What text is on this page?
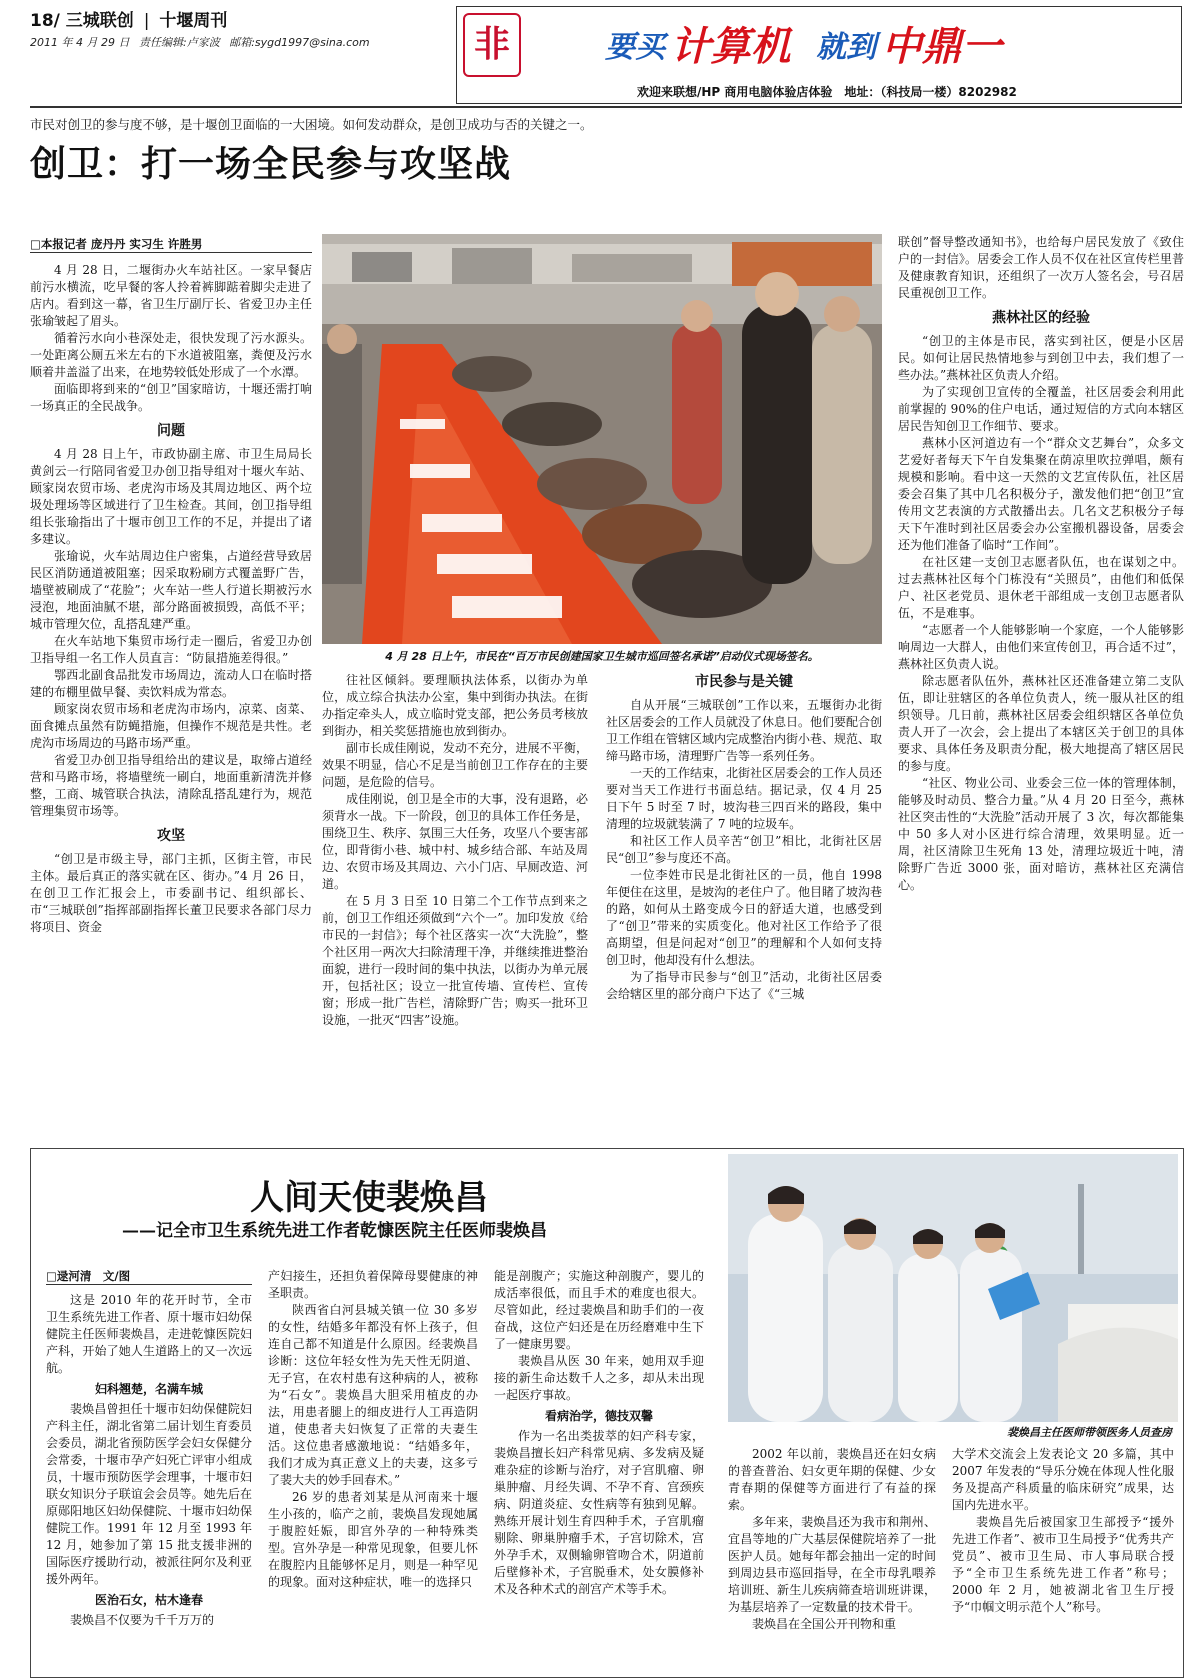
18/ 三城联创 | 十堰周刊
2011 年 4 月 29 日 责任编辑:卢家波 邮箱:sygd1997@sina.com	非	要买 计算机 就到 中鼎一
欢迎来联想/HP 商用电脑体验店体验　地址：（科技局一楼）8202982
市民对创卫的参与度不够，是十堰创卫面临的一大困境。如何发动群众，是创卫成功与否的关键之一。
创卫：打一场全民参与攻坚战
□本报记者 庞丹丹 实习生 许胜男

4 月 28 日，二堰街办火车站社区。一家早餐店前污水横流，吃早餐的客人拎着裤脚踮着脚尖走进了店内。看到这一幕，省卫生厅副厅长、省爱卫办主任张瑜皱起了眉头。

循着污水向小巷深处走，很快发现了污水源头。一处距离公厕五米左右的下水道被阻塞，粪便及污水顺着井盖溢了出来，在地势较低处形成了一个水潭。

面临即将到来的“创卫”国家暗访，十堰还需打响一场真正的全民战争。

问题

4 月 28 日上午，市政协副主席、市卫生局局长黄剑云一行陪同省爱卫办创卫指导组对十堰火车站、顾家岗农贸市场、老虎沟市场及其周边地区、两个垃圾处理场等区域进行了卫生检查。其间，创卫指导组组长张瑜指出了十堰市创卫工作的不足，并提出了诸多建议。

张瑜说，火车站周边住户密集，占道经营导致居民区消防通道被阻塞；因采取粉刷方式覆盖野广告，墙壁被刷成了“花脸”；火车站一些人行道长期被污水浸泡，地面油腻不堪，部分路面被损毁，高低不平；城市管理欠位，乱搭乱建严重。

在火车站地下集贸市场行走一圈后，省爱卫办创卫指导组一名工作人员直言：“防鼠措施差得很。”

鄂西北副食品批发市场周边，流动人口在临时搭建的布棚里做早餐、卖饮料成为常态。

顾家岗农贸市场和老虎沟市场内，凉菜、卤菜、面食摊点虽然有防蝇措施，但操作不规范是共性。老虎沟市场周边的马路市场严重。

省爱卫办创卫指导组给出的建议是，取缔占道经营和马路市场，将墙壁统一刷白，地面重新清洗并修整，工商、城管联合执法，清除乱搭乱建行为，规范管理集贸市场等。

攻坚

“创卫是市级主导，部门主抓，区街主管，市民主体。最后真正的落实就在区、街办。”4 月 26 日，在创卫工作汇报会上，市委副书记、组织部长、市“三城联创”指挥部副指挥长董卫民要求各部门尽力将项目、资金

4 月 28 日上午，市民在“百万市民创建国家卫生城市巡回签名承诺”启动仪式现场签名。

往社区倾斜。要理顺执法体系，以街办为单位，成立综合执法办公室，集中到街办执法。在街办指定牵头人，成立临时党支部，把公务员考核放到街办，相关奖惩措施也放到街办。

副市长成佳刚说，发动不充分，进展不平衡，效果不明显，信心不足是当前创卫工作存在的主要问题，是危险的信号。

成佳刚说，创卫是全市的大事，没有退路，必须背水一战。下一阶段，创卫的具体工作任务是，围绕卫生、秩序、氛围三大任务，攻坚八个要害部位，即背街小巷、城中村、城乡结合部、车站及周边、农贸市场及其周边、六小门店、早厕改造、河道。

在 5 月 3 日至 10 日第二个工作节点到来之前，创卫工作组还须做到“六个一”。加印发放《给市民的一封信》；每个社区落实一次“大洗脸”，整个社区用一两次大扫除清理干净，并继续推进整治面貌，进行一段时间的集中执法，以街办为单元展开，包括社区；设立一批宣传墙、宣传栏、宣传窗；形成一批广告栏，清除野广告；购买一批环卫设施，一批灭“四害”设施。

市民参与是关键

自从开展“三城联创”工作以来，五堰街办北街社区居委会的工作人员就没了休息日。他们要配合创卫工作组在管辖区域内完成整治内街小巷、规范、取缔马路市场，清理野广告等一系列任务。

一天的工作结束，北街社区居委会的工作人员还要对当天工作进行书面总结。据记录，仅 4 月 25 日下午 5 时至 7 时，坡沟巷三四百米的路段，集中清理的垃圾就装满了 7 吨的垃圾车。

和社区工作人员辛苦“创卫”相比，北街社区居民“创卫”参与度还不高。

一位李姓市民是北街社区的一员，他自 1998 年便住在这里，是坡沟的老住户了。他目睹了坡沟巷的路，如何从土路变成今日的舒适大道，也感受到了“创卫”带来的实质变化。他对社区工作给予了很高期望，但是问起对“创卫”的理解和个人如何支持创卫时，他却没有什么想法。

为了指导市民参与“创卫”活动，北街社区居委会给辖区里的部分商户下达了《“三城

联创”督导整改通知书》，也给每户居民发放了《致住户的一封信》。居委会工作人员不仅在社区宣传栏里普及健康教育知识，还组织了一次万人签名会，号召居民重视创卫工作。

燕林社区的经验

“创卫的主体是市民，落实到社区，便是小区居民。如何让居民热情地参与到创卫中去，我们想了一些办法。”燕林社区负责人介绍。

为了实现创卫宣传的全覆盖，社区居委会利用此前掌握的 90%的住户电话，通过短信的方式向本辖区居民告知创卫工作细节、要求。

燕林小区河道边有一个“群众文艺舞台”，众多文艺爱好者每天下午自发集聚在荫凉里吹拉弹唱，颇有规模和影响。看中这一天然的文艺宣传队伍，社区居委会召集了其中几名积极分子，激发他们把“创卫”宣传用文艺表演的方式散播出去。几名文艺积极分子每天下午准时到社区居委会办公室搬机器设备，居委会还为他们准备了临时“工作间”。

在社区建一支创卫志愿者队伍，也在谋划之中。过去燕林社区每个门栋没有“关照员”，由他们和低保户、社区老党员、退休老干部组成一支创卫志愿者队伍，不是难事。

“志愿者一个人能够影响一个家庭，一个人能够影响周边一大群人，由他们来宣传创卫，再合适不过”，燕林社区负责人说。

除志愿者队伍外，燕林社区还准备建立第二支队伍，即让驻辖区的各单位负责人，统一服从社区的组织领导。几日前，燕林社区居委会组织辖区各单位负责人开了一次会，会上提出了本辖区关于创卫的具体要求、具体任务及职责分配，极大地提高了辖区居民的参与度。

“社区、物业公司、业委会三位一体的管理体制，能够及时动员、整合力量。”从 4 月 20 日至今，燕林社区突击性的“大洗脸”活动开展了 3 次，每次都能集中 50 多人对小区进行综合清理，效果明显。近一周，社区清除卫生死角 13 处，清理垃圾近十吨，清除野广告近 3000 张，面对暗访，燕林社区充满信心。

人间天使裴焕昌
——记全市卫生系统先进工作者乾慷医院主任医师裴焕昌
□逯河清　文/图

这是 2010 年的花开时节，全市卫生系统先进工作者、原十堰市妇幼保健院主任医师裴焕昌，走进乾慷医院妇产科，开始了她人生道路上的又一次远航。

妇科翘楚，名满车城

裴焕昌曾担任十堰市妇幼保健院妇产科主任，湖北省第二届计划生育委员会委员，湖北省预防医学会妇女保健分会常委，十堰市孕产妇死亡评审小组成员，十堰市预防医学会理事，十堰市妇联女知识分子联谊会会员等。她先后在原郧阳地区妇幼保健院、十堰市妇幼保健院工作。1991 年 12 月至 1993 年 12 月，她参加了第 15 批支援非洲的国际医疗援助行动，被派往阿尔及利亚援外两年。

医治石女，枯木逢春

裴焕昌不仅要为千千万万的

产妇接生，还担负着保障母婴健康的神圣职责。

陕西省白河县城关镇一位 30 多岁的女性，结婚多年都没有怀上孩子，但连自己都不知道是什么原因。经裴焕昌诊断：这位年轻女性为先天性无阴道、无子宫，在农村患有这种病的人，被称为“石女”。裴焕昌大胆采用植皮的办法，用患者腿上的细皮进行人工再造阴道，使患者夫妇恢复了正常的夫妻生活。这位患者感激地说：“结婚多年，我们才成为真正意义上的夫妻，这多亏了裴大夫的妙手回春术。”

26 岁的患者刘某是从河南来十堰生小孩的，临产之前，裴焕昌发现她属于腹腔妊娠，即宫外孕的一种特殊类型。宫外孕是一种常见现象，但要儿怀在腹腔内且能够怀足月，则是一种罕见的现象。面对这种症状，唯一的选择只

能是剖腹产；实施这种剖腹产，婴儿的成活率很低，而且手术的难度也很大。尽管如此，经过裴焕昌和助手们的一夜奋战，这位产妇还是在历经磨难中生下了一健康男婴。

裴焕昌从医 30 年来，她用双手迎接的新生命达数千人之多，却从未出现一起医疗事故。

看病治学，德技双馨

作为一名出类拔萃的妇产科专家，裴焕昌擅长妇产科常见病、多发病及疑难杂症的诊断与治疗，对子宫肌瘤、卵巢肿瘤、月经失调、不孕不育、宫颈疾病、阴道炎症、女性病等有独到见解。熟练开展计划生育四种手术，子宫肌瘤剔除、卵巢肿瘤手术，子宫切除术，宫外孕手术，双侧输卵管吻合术，阴道前后壁修补术，子宫脱垂术，处女膜修补术及各种术式的剖宫产术等手术。

裴焕昌主任医师带领医务人员查房

2002 年以前，裴焕昌还在妇女病的普查普治、妇女更年期的保健、少女青春期的保健等方面进行了有益的探索。

多年来，裴焕昌还为我市和荆州、宜昌等地的广大基层保健院培养了一批医护人员。她每年都会抽出一定的时间到周边县市巡回指导，在全市母乳喂养培训班、新生儿疾病筛查培训班讲课，为基层培养了一定数量的技术骨干。

裴焕昌在全国公开刊物和重

大学术交流会上发表论文 20 多篇，其中 2007 年发表的“导乐分娩在体现人性化服务及提高产科质量的临床研究”成果，达国内先进水平。

裴焕昌先后被国家卫生部授予“援外先进工作者”、被市卫生局授予“优秀共产党员”、被市卫生局、市人事局联合授予“全市卫生系统先进工作者”称号；2000 年 2 月，她被湖北省卫生厅授予“巾帼文明示范个人”称号。
